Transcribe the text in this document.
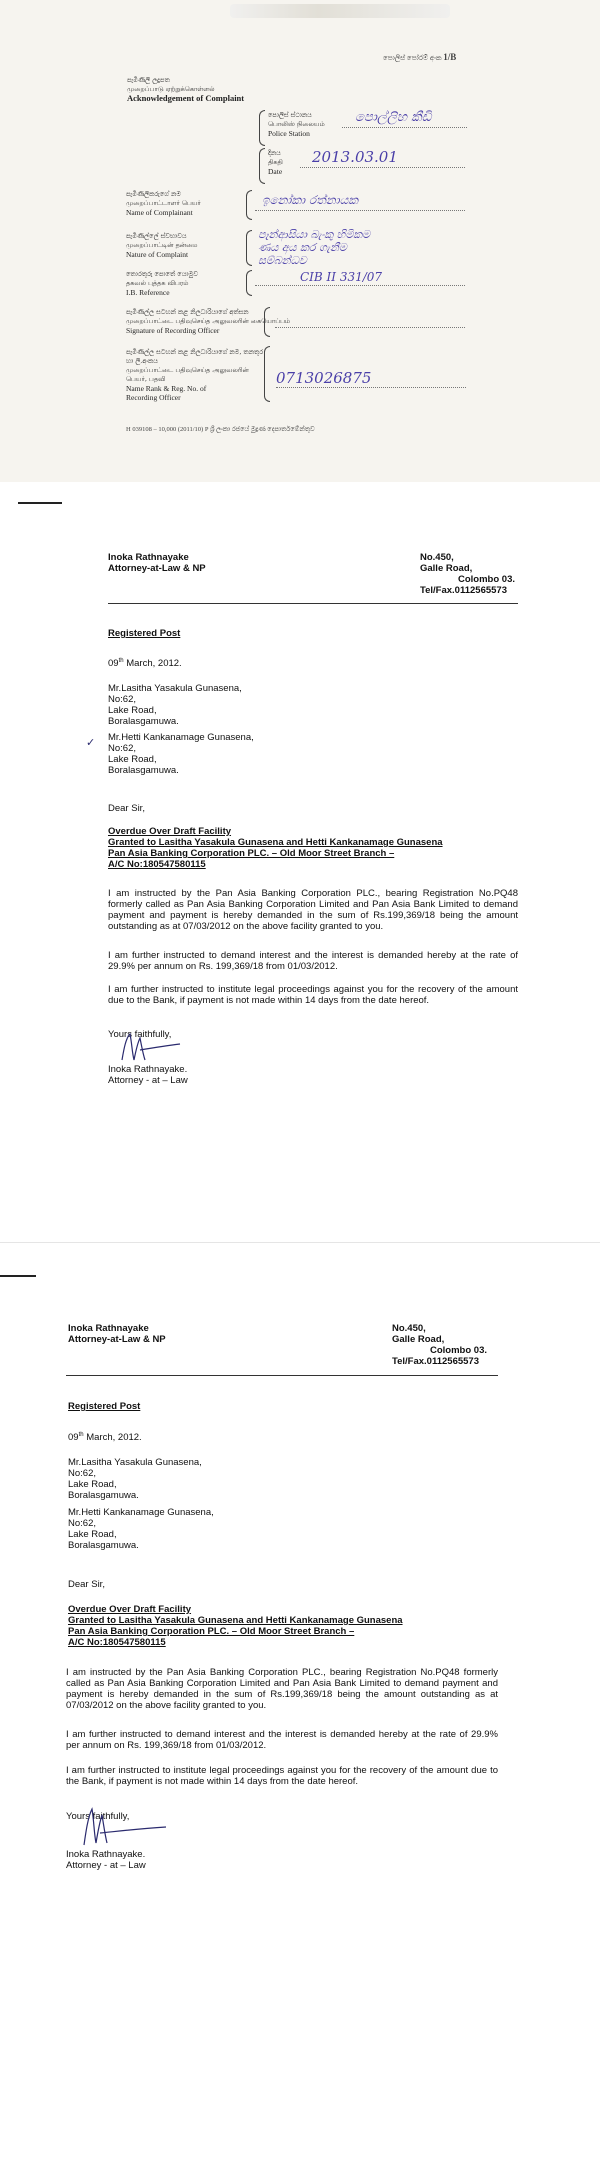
පොලිස් පෝරම් අංක 1/B
පැමිණිලි ලදුපත
முறைப்பாடு ஏற்றுக்கொள்ளல்
Acknowledgement of Complaint
පොලිස් ස්ථානය
பொலிஸ் நிலையம்
Police Station
පොල්ලිහ කීඩි
දිනය
திகதி
Date
2013.03.01
පැමිණිලිකරුගේ නම
முறைப்பாட்டாளர் பெயர்
Name of Complainant
ඉනෝකා රත්නායක
පැමිණිල්ලේ ස්වභාවය
முறைப்பாட்டின் தன்மை
Nature of Complaint
පෑන්ආසියා බැංකු හිමිකම
ණය අය කර ගැනීම
සම්බන්ධව
තොරතුරු පොතේ යොමුව
தகவல் புத்தக விபரம்
I.B. Reference
CIB II 331/07
පැමිණිල්ල සටහන් කළ නිලධාරියාගේ අත්සන
முறைப்பாட்டை பதிவுசெய்த அலுவலரின் கையொப்பம்
Signature of Recording Officer
පැමිණිල්ල සටහන් කළ නිලධාරියාගේ නම, තනතුර හා ලි.අංකය
முறைப்பாட்டை பதிவுசெய்த அலுவலரின் பெயர், பதவி
Name Rank & Reg. No. of
Recording Officer
0713026875
H 039108 – 10,000 (2011/10) P ශ්‍රී ලංකා රජයේ මුද්‍රණ දෙපාර්තමේන්තුව
Inoka Rathnayake
Attorney-at-Law & NP
No.450,
Galle Road,
Colombo 03.
Tel/Fax.0112565573
Registered Post
09th March, 2012.
Mr.Lasitha Yasakula Gunasena,
No:62,
Lake Road,
Boralasgamuwa.
✓ Mr.Hetti Kankanamage Gunasena,
No:62,
Lake Road,
Boralasgamuwa.
Dear Sir,
Overdue Over Draft Facility
Granted to Lasitha Yasakula Gunasena and Hetti Kankanamage Gunasena
Pan Asia Banking Corporation PLC. – Old Moor Street Branch –
A/C No:180547580115
I am instructed by the Pan Asia Banking Corporation PLC., bearing Registration No.PQ48 formerly called as Pan Asia Banking Corporation Limited and Pan Asia Bank Limited to demand payment and payment is hereby demanded in the sum of Rs.199,369/18 being the amount outstanding as at 07/03/2012 on the above facility granted to you.
I am further instructed to demand interest and the interest is demanded hereby at the rate of 29.9% per annum on Rs. 199,369/18 from 01/03/2012.
I am further instructed to institute legal proceedings against you for the recovery of the amount due to the Bank, if payment is not made within 14 days from the date hereof.
Yours faithfully,
Inoka Rathnayake.
Attorney - at – Law
Inoka Rathnayake
Attorney-at-Law & NP
No.450,
Galle Road,
Colombo 03.
Tel/Fax.0112565573
Registered Post
09th March, 2012.
Mr.Lasitha Yasakula Gunasena,
No:62,
Lake Road,
Boralasgamuwa.
Mr.Hetti Kankanamage Gunasena,
No:62,
Lake Road,
Boralasgamuwa.
Dear Sir,
Overdue Over Draft Facility
Granted to Lasitha Yasakula Gunasena and Hetti Kankanamage Gunasena
Pan Asia Banking Corporation PLC. – Old Moor Street Branch –
A/C No:180547580115
I am instructed by the Pan Asia Banking Corporation PLC., bearing Registration No.PQ48 formerly called as Pan Asia Banking Corporation Limited and Pan Asia Bank Limited to demand payment and payment is hereby demanded in the sum of Rs.199,369/18 being the amount outstanding as at 07/03/2012 on the above facility granted to you.
I am further instructed to demand interest and the interest is demanded hereby at the rate of 29.9% per annum on Rs. 199,369/18 from 01/03/2012.
I am further instructed to institute legal proceedings against you for the recovery of the amount due to the Bank, if payment is not made within 14 days from the date hereof.
Yours faithfully,
Inoka Rathnayake.
Attorney - at – Law
